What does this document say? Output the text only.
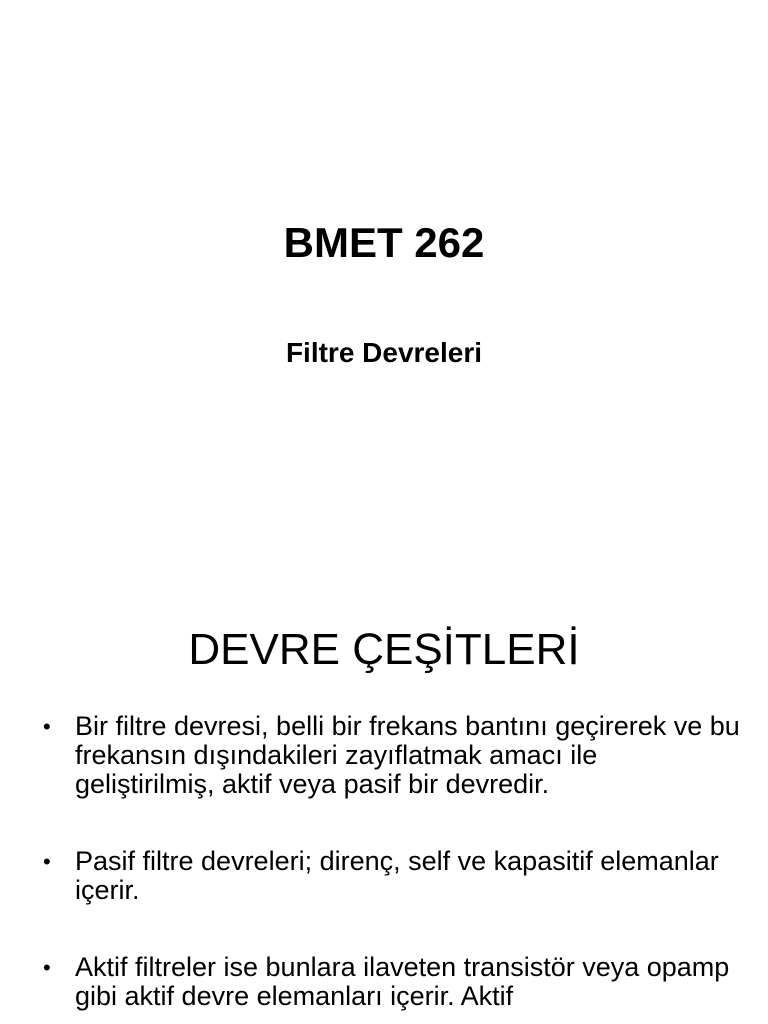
BMET 262
Filtre Devreleri
DEVRE ÇEŞİTLERİ
• Bir filtre devresi, belli bir frekans bantını geçirerek ve bu frekansın dışındakileri zayıflatmak amacı ile geliştirilmiş, aktif veya pasif bir devredir.
• Pasif filtre devreleri; direnç, self ve kapasitif elemanlar içerir.
• Aktif filtreler ise bunlara ilaveten transistör veya opamp gibi aktif devre elemanları içerir. Aktif
